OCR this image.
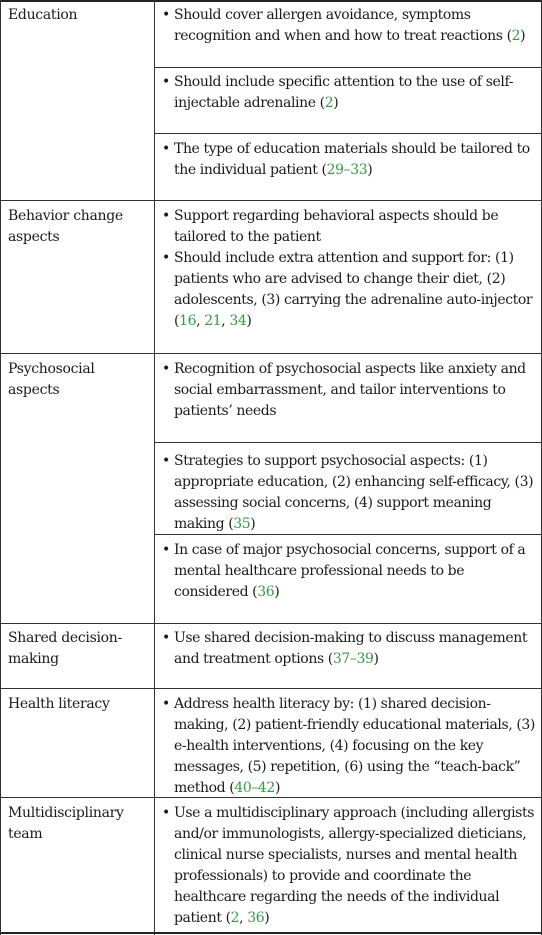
Education
Behavior change aspects
Psychosocial aspects
Shared decision-making
Health literacy
Multidisciplinary team
• Should cover allergen avoidance, symptoms recognition and when and how to treat reactions (2)
• Should include specific attention to the use of self-injectable adrenaline (2)
• The type of education materials should be tailored to the individual patient (29–33)
• Support regarding behavioral aspects should be tailored to the patient
• Should include extra attention and support for: (1) patients who are advised to change their diet, (2) adolescents, (3) carrying the adrenaline auto-injector (16, 21, 34)
• Recognition of psychosocial aspects like anxiety and social embarrassment, and tailor interventions to patients’ needs
• Strategies to support psychosocial aspects: (1) appropriate education, (2) enhancing self-efficacy, (3) assessing social concerns, (4) support meaning making (35)
• In case of major psychosocial concerns, support of a mental healthcare professional needs to be considered (36)
• Use shared decision-making to discuss management and treatment options (37–39)
• Address health literacy by: (1) shared decision-making, (2) patient-friendly educational materials, (3) e-health interventions, (4) focusing on the key messages, (5) repetition, (6) using the “teach-back” method (40–42)
• Use a multidisciplinary approach (including allergists and/or immunologists, allergy-specialized dieticians, clinical nurse specialists, nurses and mental health professionals) to provide and coordinate the healthcare regarding the needs of the individual patient (2, 36)
